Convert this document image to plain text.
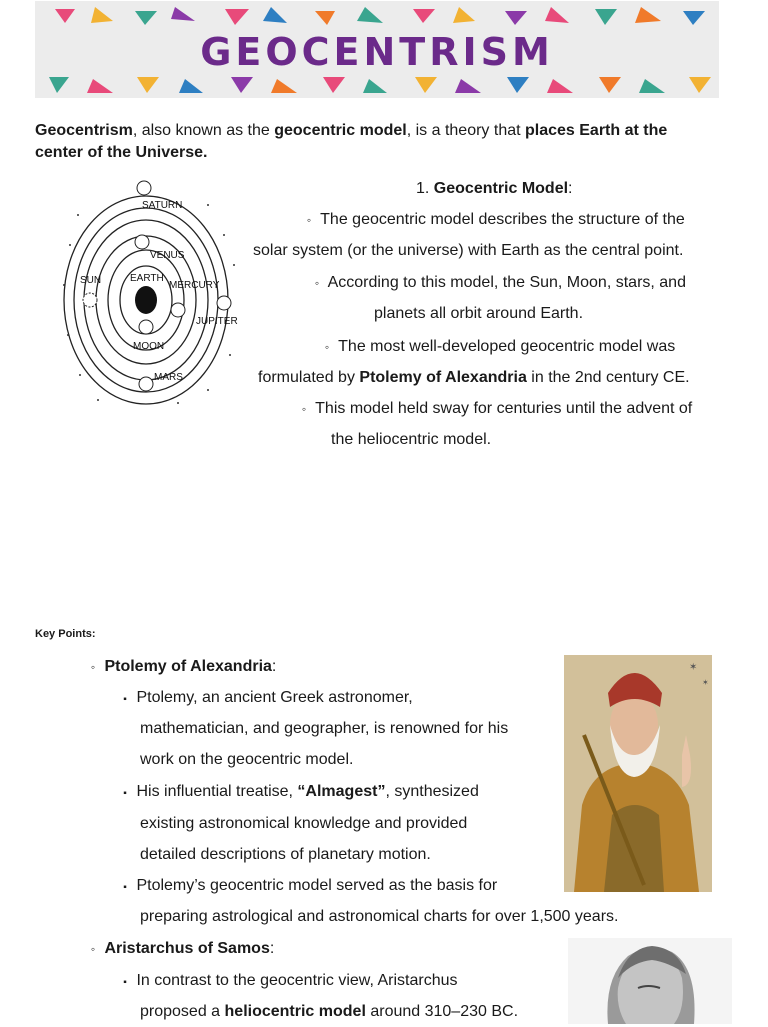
GEOCENTRISM

Geocentrism, also known as the geocentric model, is a theory that places Earth at the
center of the Universe.

SATURN
VENUS
SUN	EARTH
MERCURY
JUPITER
MOON
MARS

1. Geocentric Model:

◦ The geocentric model describes the structure of the

solar system (or the universe) with Earth as the central point.

◦ According to this model, the Sun, Moon, stars, and

planets all orbit around Earth.

◦ The most well-developed geocentric model was

formulated by Ptolemy of Alexandria in the 2nd century CE.

◦ This model held sway for centuries until the advent of

the heliocentric model.

Key Points:

◦ Ptolemy of Alexandria:

▪ Ptolemy, an ancient Greek astronomer,

mathematician, and geographer, is renowned for his

work on the geocentric model.

▪ His influential treatise, “Almagest”, synthesized

existing astronomical knowledge and provided

detailed descriptions of planetary motion.

▪ Ptolemy’s geocentric model served as the basis for

preparing astrological and astronomical charts for over 1,500 years.

◦ Aristarchus of Samos:

▪ In contrast to the geocentric view, Aristarchus

proposed a heliocentric model around 310–230 BC.

✶
✶
